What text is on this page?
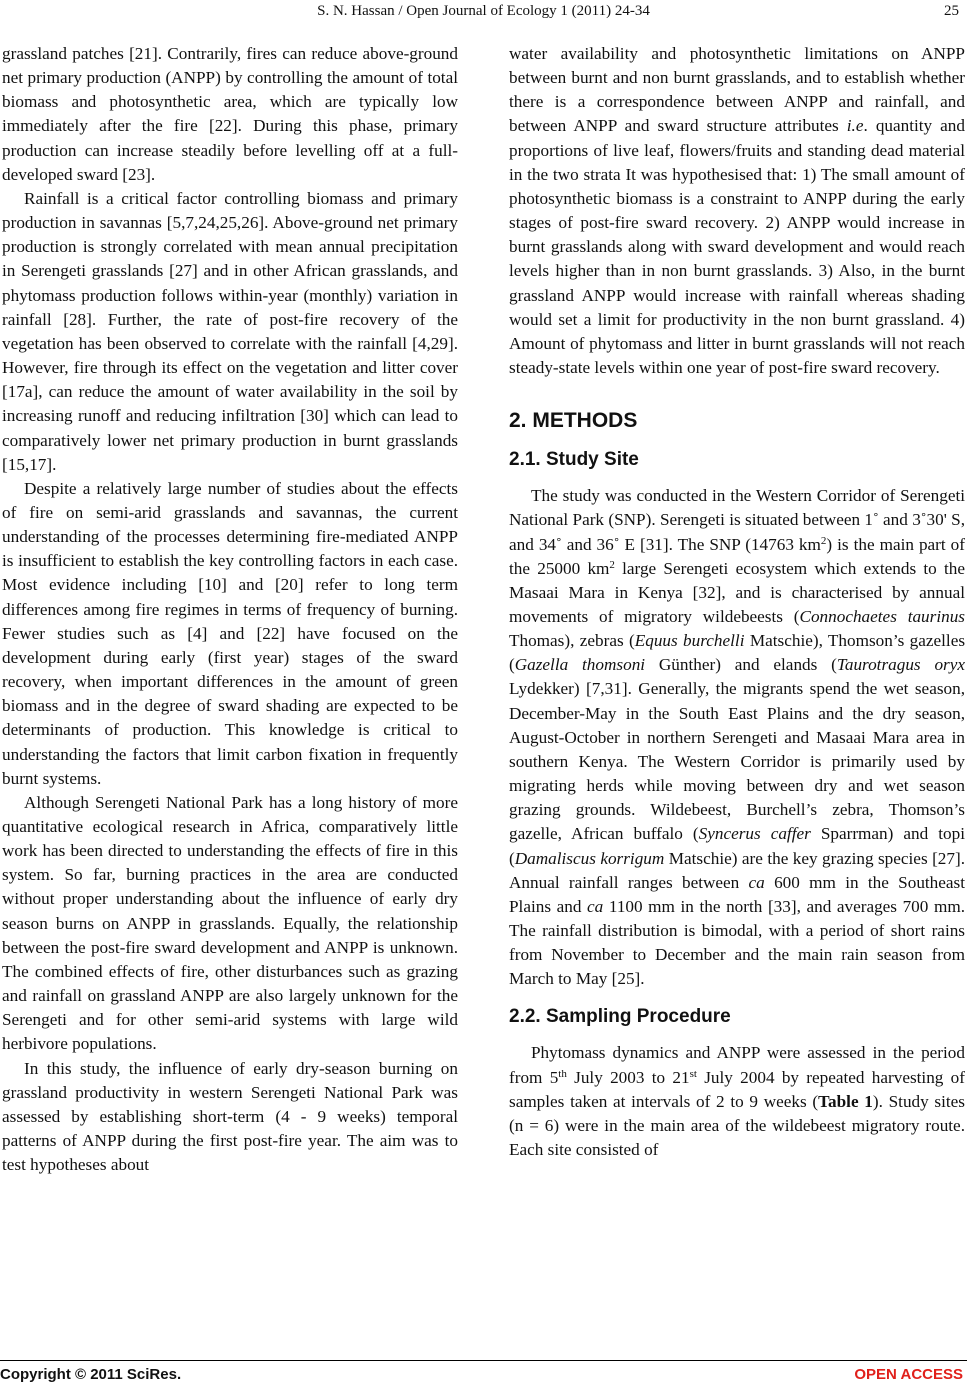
S. N. Hassan / Open Journal of Ecology 1 (2011) 24-34	25

grassland patches [21]. Contrarily, fires can reduce above-ground net primary production (ANPP) by controlling the amount of total biomass and photosynthetic area, which are typically low immediately after the fire [22]. During this phase, primary production can increase steadily before levelling off at a full-developed sward [23].

Rainfall is a critical factor controlling biomass and primary production in savannas [5,7,24,25,26]. Above-ground net primary production is strongly correlated with mean annual precipitation in Serengeti grasslands [27] and in other African grasslands, and phytomass production follows within-year (monthly) variation in rainfall [28]. Further, the rate of post-fire recovery of the vegetation has been observed to correlate with the rainfall [4,29]. However, fire through its effect on the vegetation and litter cover [17a], can reduce the amount of water availability in the soil by increasing runoff and reducing infiltration [30] which can lead to comparatively lower net primary production in burnt grasslands [15,17].

Despite a relatively large number of studies about the effects of fire on semi-arid grasslands and savannas, the current understanding of the processes determining fire-mediated ANPP is insufficient to establish the key controlling factors in each case. Most evidence including [10] and [20] refer to long term differences among fire regimes in terms of frequency of burning. Fewer studies such as [4] and [22] have focused on the development during early (first year) stages of the sward recovery, when important differences in the amount of green biomass and in the degree of sward shading are expected to be determinants of production. This knowledge is critical to understanding the factors that limit carbon fixation in frequently burnt systems.

Although Serengeti National Park has a long history of more quantitative ecological research in Africa, comparatively little work has been directed to understanding the effects of fire in this system. So far, burning practices in the area are conducted without proper understanding about the influence of early dry season burns on ANPP in grasslands. Equally, the relationship between the post-fire sward development and ANPP is unknown. The combined effects of fire, other disturbances such as grazing and rainfall on grassland ANPP are also largely unknown for the Serengeti and for other semi-arid systems with large wild herbivore populations.

In this study, the influence of early dry-season burning on grassland productivity in western Serengeti National Park was assessed by establishing short-term (4 - 9 weeks) temporal patterns of ANPP during the first post-fire year. The aim was to test hypotheses about

water availability and photosynthetic limitations on ANPP between burnt and non burnt grasslands, and to establish whether there is a correspondence between ANPP and rainfall, and between ANPP and sward structure attributes i.e. quantity and proportions of live leaf, flowers/fruits and standing dead material in the two strata It was hypothesised that: 1) The small amount of photosynthetic biomass is a constraint to ANPP during the early stages of post-fire sward recovery. 2) ANPP would increase in burnt grasslands along with sward development and would reach levels higher than in non burnt grasslands. 3) Also, in the burnt grassland ANPP would increase with rainfall whereas shading would set a limit for productivity in the non burnt grassland. 4) Amount of phytomass and litter in burnt grasslands will not reach steady-state levels within one year of post-fire sward recovery.

2. METHODS
2.1. Study Site

The study was conducted in the Western Corridor of Serengeti National Park (SNP). Serengeti is situated between 1˚ and 3˚30' S, and 34˚ and 36˚ E [31]. The SNP (14763 $km^2$) is the main part of the 25000 $km^2$ large Serengeti ecosystem which extends to the Masaai Mara in Kenya [32], and is characterised by annual movements of migratory wildebeests (Connochaetes taurinus Thomas), zebras (Equus burchelli Matschie), Thomson’s gazelles (Gazella thomsoni Günther) and elands (Taurotragus oryx Lydekker) [7,31]. Generally, the migrants spend the wet season, December-May in the South East Plains and the dry season, August-October in northern Serengeti and Masaai Mara area in southern Kenya. The Western Corridor is primarily used by migrating herds while moving between dry and wet season grazing grounds. Wildebeest, Burchell’s zebra, Thomson’s gazelle, African buffalo (Syncerus caffer Sparrman) and topi (Damaliscus korrigum Matschie) are the key grazing species [27]. Annual rainfall ranges between ca 600 mm in the Southeast Plains and ca 1100 mm in the north [33], and averages 700 mm. The rainfall distribution is bimodal, with a period of short rains from November to December and the main rain season from March to May [25].

2.2. Sampling Procedure

Phytomass dynamics and ANPP were assessed in the period from 5th July 2003 to 21st July 2004 by repeated harvesting of samples taken at intervals of 2 to 9 weeks (Table 1). Study sites (n = 6) were in the main area of the wildebeest migratory route. Each site consisted of

Copyright © 2011 SciRes.	OPEN ACCESS
